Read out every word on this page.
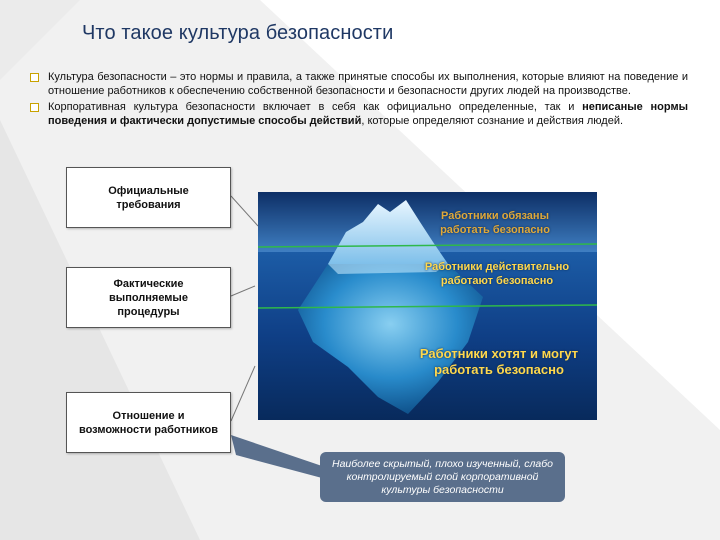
Что такое культура безопасности
Культура безопасности – это нормы и правила, а также принятые способы их выполнения, которые влияют на поведение и отношение работников к обеспечению собственной безопасности и безопасности других людей на производстве.
Корпоративная культура безопасности включает в себя как официально определенные, так и неписаные нормы поведения и фактически допустимые способы действий, которые определяют сознание и действия людей.
Официальные требования
Фактические выполняемые процедуры
Отношение и возможности работников
Работники обязаны работать безопасно
Работники действительно работают безопасно
Работники хотят и могут работать безопасно
Наиболее скрытый, плохо изученный, слабо контролируемый слой корпоративной культуры безопасности
